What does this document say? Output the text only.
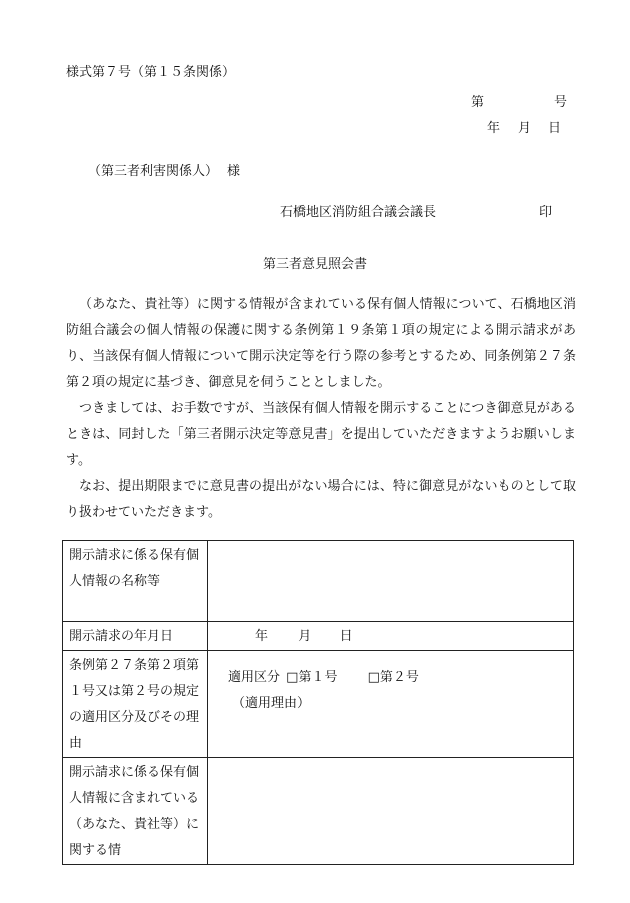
様式第７号（第１５条関係）
第	号
年 月 日
（第三者利害関係人） 様
石橋地区消防組合議会議長	印
第三者意見照会書

（あなた、貴社等）に関する情報が含まれている保有個人情報について、石橋地区消防組合議会の個人情報の保護に関する条例第１９条第１項の規定による開示請求があり、当該保有個人情報について開示決定等を行う際の参考とするため、同条例第２７条第２項の規定に基づき、御意見を伺うこととしました。

つきましては、お手数ですが、当該保有個人情報を開示することにつき御意見があるときは、同封した「第三者開示決定等意見書」を提出していただきますようお願いします。

なお、提出期限までに意見書の提出がない場合には、特に御意見がないものとして取り扱わせていただきます。

開示請求に係る保有個人情報の名称等	
開示請求の年月日	年 月 日

条例第２７条第２項第１号又は第２号の規定の適用区分及びその理由	適用区分 □第１号 □第２号
（適用理由）

開示請求に係る保有個人情報に含まれている（あなた、貴社等）に関する情	
